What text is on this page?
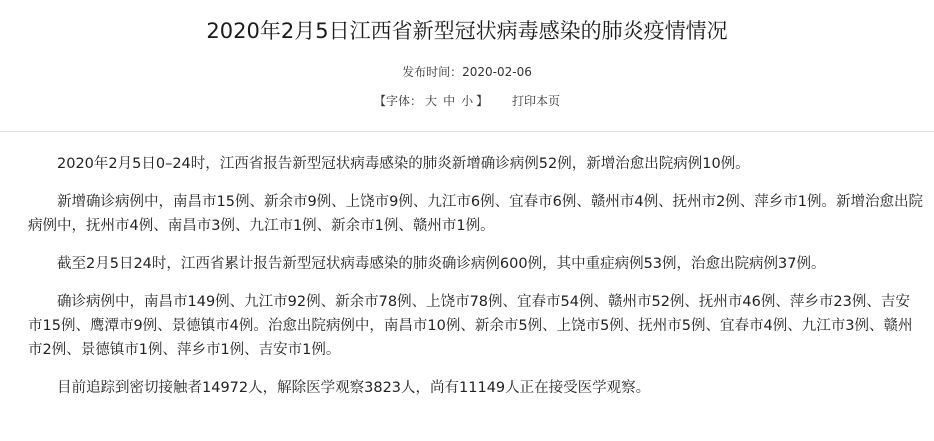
2020年2月5日江西省新型冠状病毒感染的肺炎疫情情况
发布时间：2020-02-06
【字体： 大 中 小 】 打印本页

2020年2月5日0–24时，江西省报告新型冠状病毒感染的肺炎新增确诊病例52例，新增治愈出院病例10例。

新增确诊病例中，南昌市15例、新余市9例、上饶市9例、九江市6例、宜春市6例、赣州市4例、抚州市2例、萍乡市1例。新增治愈出院病例中，抚州市4例、南昌市3例、九江市1例、新余市1例、赣州市1例。

截至2月5日24时，江西省累计报告新型冠状病毒感染的肺炎确诊病例600例，其中重症病例53例，治愈出院病例37例。

确诊病例中，南昌市149例、九江市92例、新余市78例、上饶市78例、宜春市54例、赣州市52例、抚州市46例、萍乡市23例、吉安市15例、鹰潭市9例、景德镇市4例。治愈出院病例中，南昌市10例、新余市5例、上饶市5例、抚州市5例、宜春市4例、九江市3例、赣州市2例、景德镇市1例、萍乡市1例、吉安市1例。

目前追踪到密切接触者14972人，解除医学观察3823人，尚有11149人正在接受医学观察。
